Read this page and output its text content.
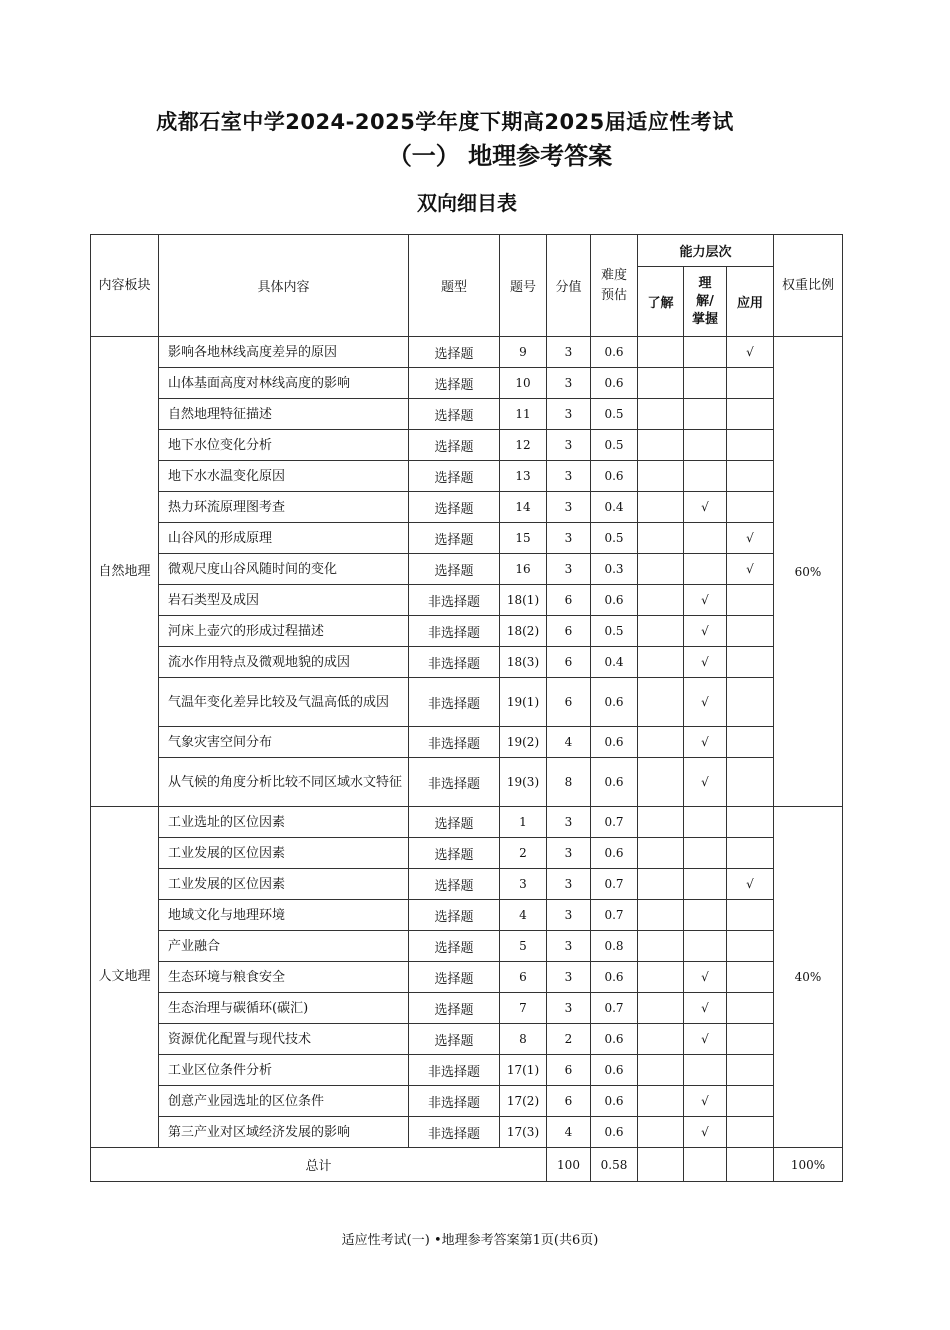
成都石室中学2024-2025学年度下期高2025届适应性考试
（一） 地理参考答案
双向细目表
内容板块	具体内容	题型	题号	分值	难度预估	能力层次			权重比例
						了解	理解/掌握	应用	
自然地理	影响各地林线高度差异的原因	选择题	9	3	0.6			√	60%
	山体基面高度对林线高度的影响	选择题	10	3	0.6				
	自然地理特征描述	选择题	11	3	0.5				
	地下水位变化分析	选择题	12	3	0.5				
	地下水水温变化原因	选择题	13	3	0.6				
	热力环流原理图考查	选择题	14	3	0.4		√		
	山谷风的形成原理	选择题	15	3	0.5			√	
	微观尺度山谷风随时间的变化	选择题	16	3	0.3			√	
	岩石类型及成因	非选择题	18(1)	6	0.6		√		
	河床上壶穴的形成过程描述	非选择题	18(2)	6	0.5		√		
	流水作用特点及微观地貌的成因	非选择题	18(3)	6	0.4		√		
	气温年变化差异比较及气温高低的成因	非选择题	19(1)	6	0.6		√		
	气象灾害空间分布	非选择题	19(2)	4	0.6		√		
	从气候的角度分析比较不同区域水文特征	非选择题	19(3)	8	0.6		√		
人文地理	工业选址的区位因素	选择题	1	3	0.7				40%
	工业发展的区位因素	选择题	2	3	0.6				
	工业发展的区位因素	选择题	3	3	0.7			√	
	地域文化与地理环境	选择题	4	3	0.7				
	产业融合	选择题	5	3	0.8				
	生态环境与粮食安全	选择题	6	3	0.6		√		
	生态治理与碳循环(碳汇)	选择题	7	3	0.7		√		
	资源优化配置与现代技术	选择题	8	2	0.6		√		
	工业区位条件分析	非选择题	17(1)	6	0.6				
	创意产业园选址的区位条件	非选择题	17(2)	6	0.6		√		
	第三产业对区域经济发展的影响	非选择题	17(3)	4	0.6		√		
总计				100	0.58				100%
适应性考试(一) •地理参考答案第1页(共6页)
